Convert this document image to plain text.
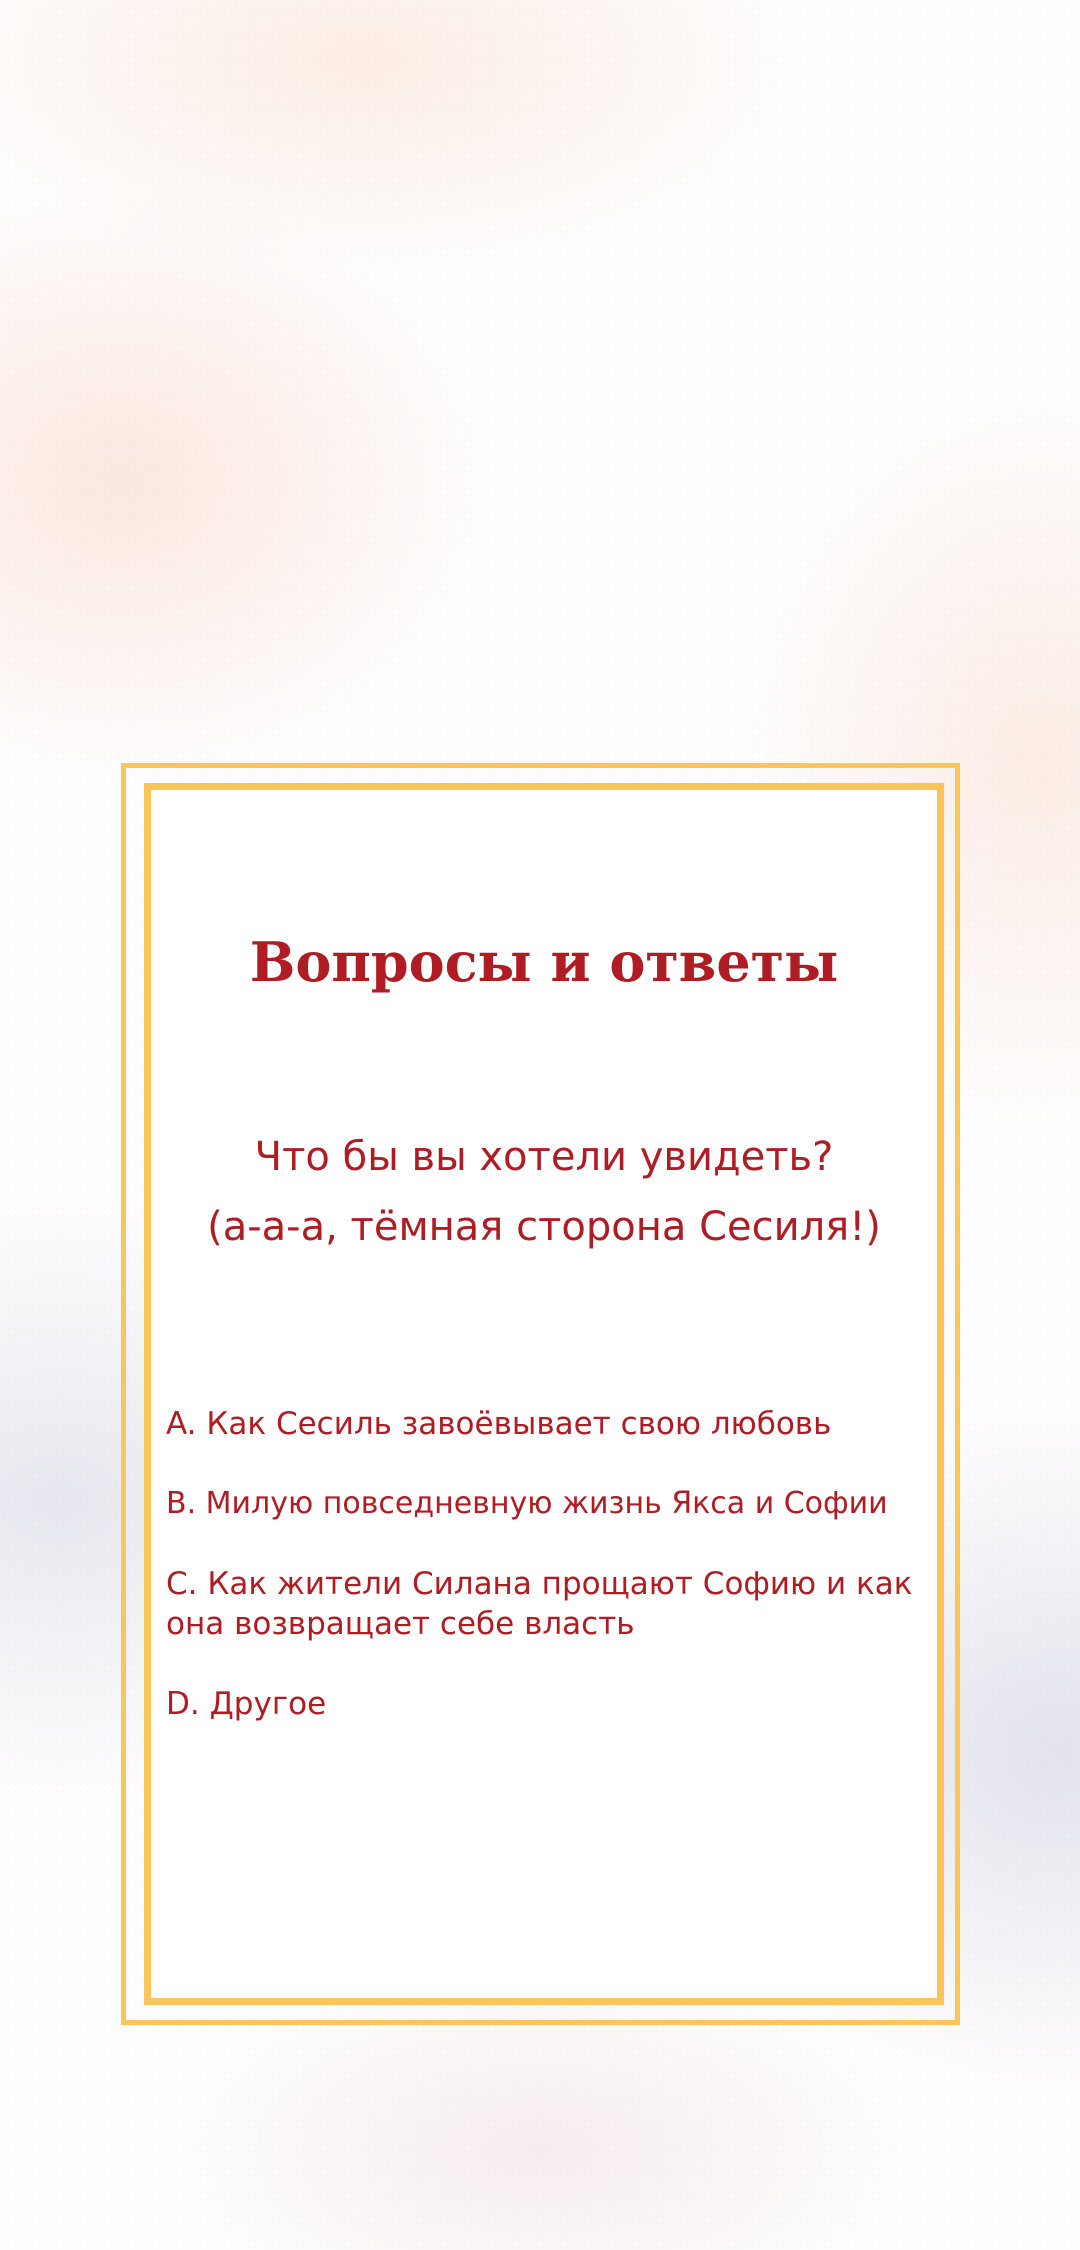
Вопросы и ответы
Что бы вы хотели увидеть?
(а-а-а, тёмная сторона Сесиля!)
A. Как Сесиль завоёвывает свою любовь
B. Милую повседневную жизнь Якса и Софии
C. Как жители Силана прощают Софию и как она возвращает себе власть
D. Другое
